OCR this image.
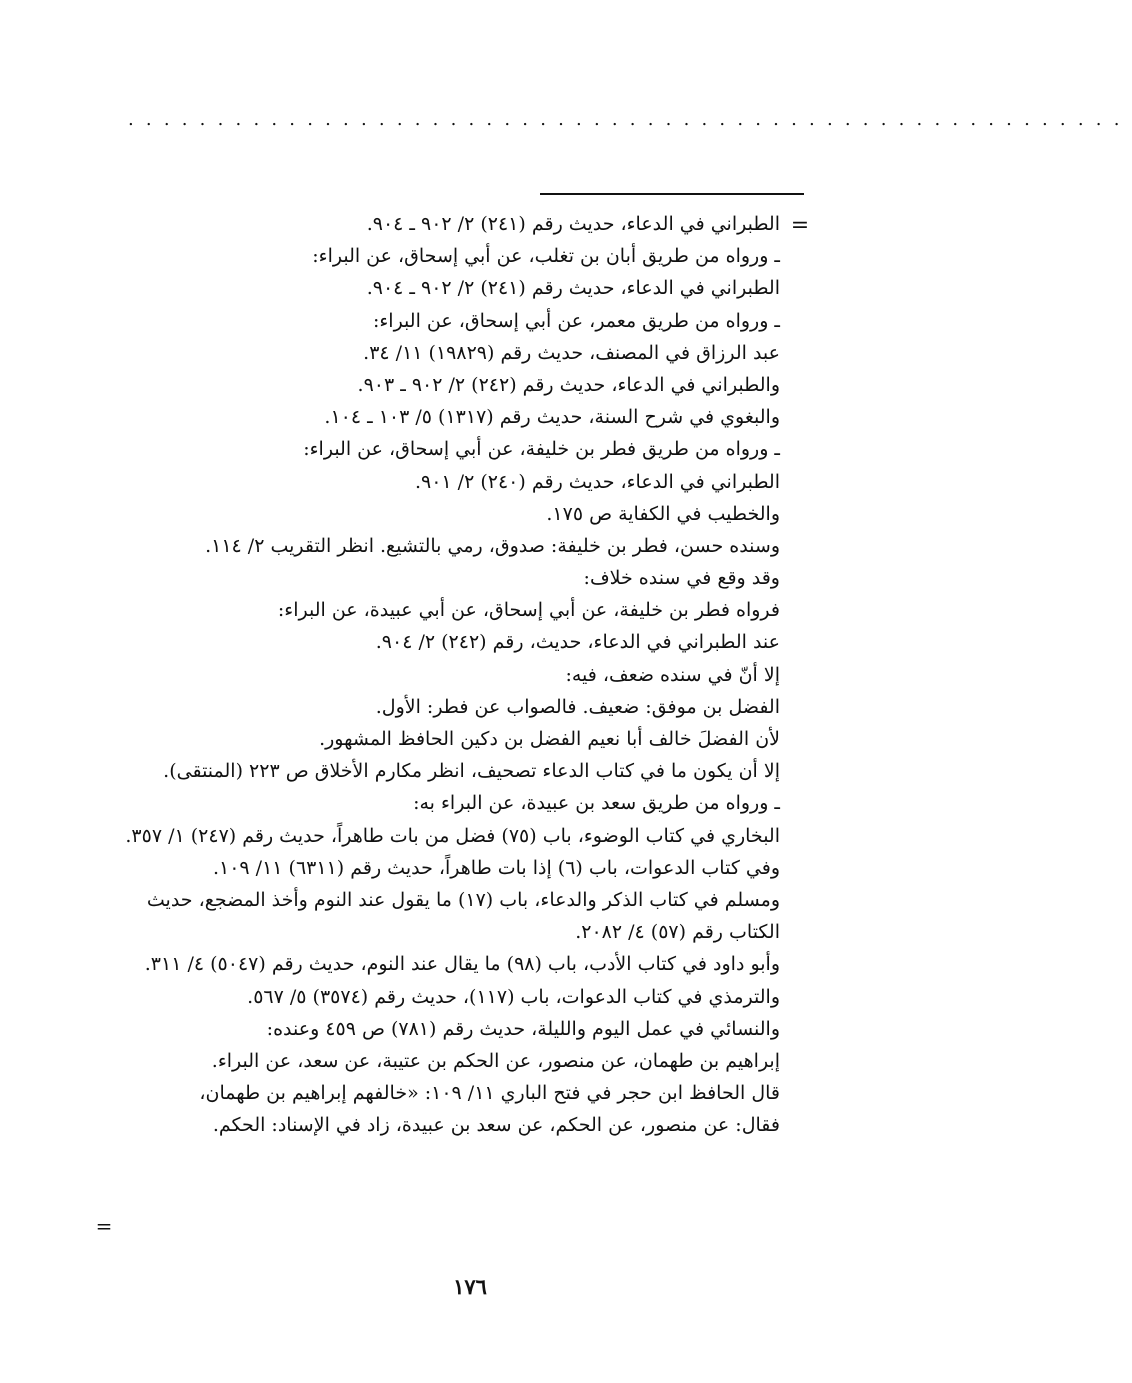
........................................................
=
الطبراني في الدعاء، حديث رقم (٢٤١) ٢/ ٩٠٢ ـ ٩٠٤.
ـ ورواه من طريق أبان بن تغلب، عن أبي إسحاق، عن البراء:
الطبراني في الدعاء، حديث رقم (٢٤١) ٢/ ٩٠٢ ـ ٩٠٤.
ـ ورواه من طريق معمر، عن أبي إسحاق، عن البراء:
عبد الرزاق في المصنف، حديث رقم (١٩٨٢٩) ١١/ ٣٤.
والطبراني في الدعاء، حديث رقم (٢٤٢) ٢/ ٩٠٢ ـ ٩٠٣.
والبغوي في شرح السنة، حديث رقم (١٣١٧) ٥/ ١٠٣ ـ ١٠٤.
ـ ورواه من طريق فطر بن خليفة، عن أبي إسحاق، عن البراء:
الطبراني في الدعاء، حديث رقم (٢٤٠) ٢/ ٩٠١.
والخطيب في الكفاية ص ١٧٥.
وسنده حسن، فطر بن خليفة: صدوق، رمي بالتشيع. انظر التقريب ٢/ ١١٤.
وقد وقع في سنده خلاف:
فرواه فطر بن خليفة، عن أبي إسحاق، عن أبي عبيدة، عن البراء:
عند الطبراني في الدعاء، حديث، رقم (٢٤٢) ٢/ ٩٠٤.
إلا أنّ في سنده ضعف، فيه:
الفضل بن موفق: ضعيف. فالصواب عن فطر: الأول.
لأن الفضلَ خالف أبا نعيم الفضل بن دكين الحافظ المشهور.
إلا أن يكون ما في كتاب الدعاء تصحيف، انظر مكارم الأخلاق ص ٢٢٣ (المنتقى).
ـ ورواه من طريق سعد بن عبيدة، عن البراء به:
البخاري في كتاب الوضوء، باب (٧٥) فضل من بات طاهراً، حديث رقم (٢٤٧) ١/ ٣٥٧.
وفي كتاب الدعوات، باب (٦) إذا بات طاهراً، حديث رقم (٦٣١١) ١١/ ١٠٩.
ومسلم في كتاب الذكر والدعاء، باب (١٧) ما يقول عند النوم وأخذ المضجع، حديث الكتاب رقم (٥٧) ٤/ ٢٠٨٢.
وأبو داود في كتاب الأدب، باب (٩٨) ما يقال عند النوم، حديث رقم (٥٠٤٧) ٤/ ٣١١.
والترمذي في كتاب الدعوات، باب (١١٧)، حديث رقم (٣٥٧٤) ٥/ ٥٦٧.
والنسائي في عمل اليوم والليلة، حديث رقم (٧٨١) ص ٤٥٩ وعنده:
إبراهيم بن طهمان، عن منصور، عن الحكم بن عتيبة، عن سعد، عن البراء.
قال الحافظ ابن حجر في فتح الباري ١١/ ١٠٩: «خالفهم إبراهيم بن طهمان،
فقال: عن منصور، عن الحكم، عن سعد بن عبيدة، زاد في الإسناد: الحكم.
=
١٧٦
